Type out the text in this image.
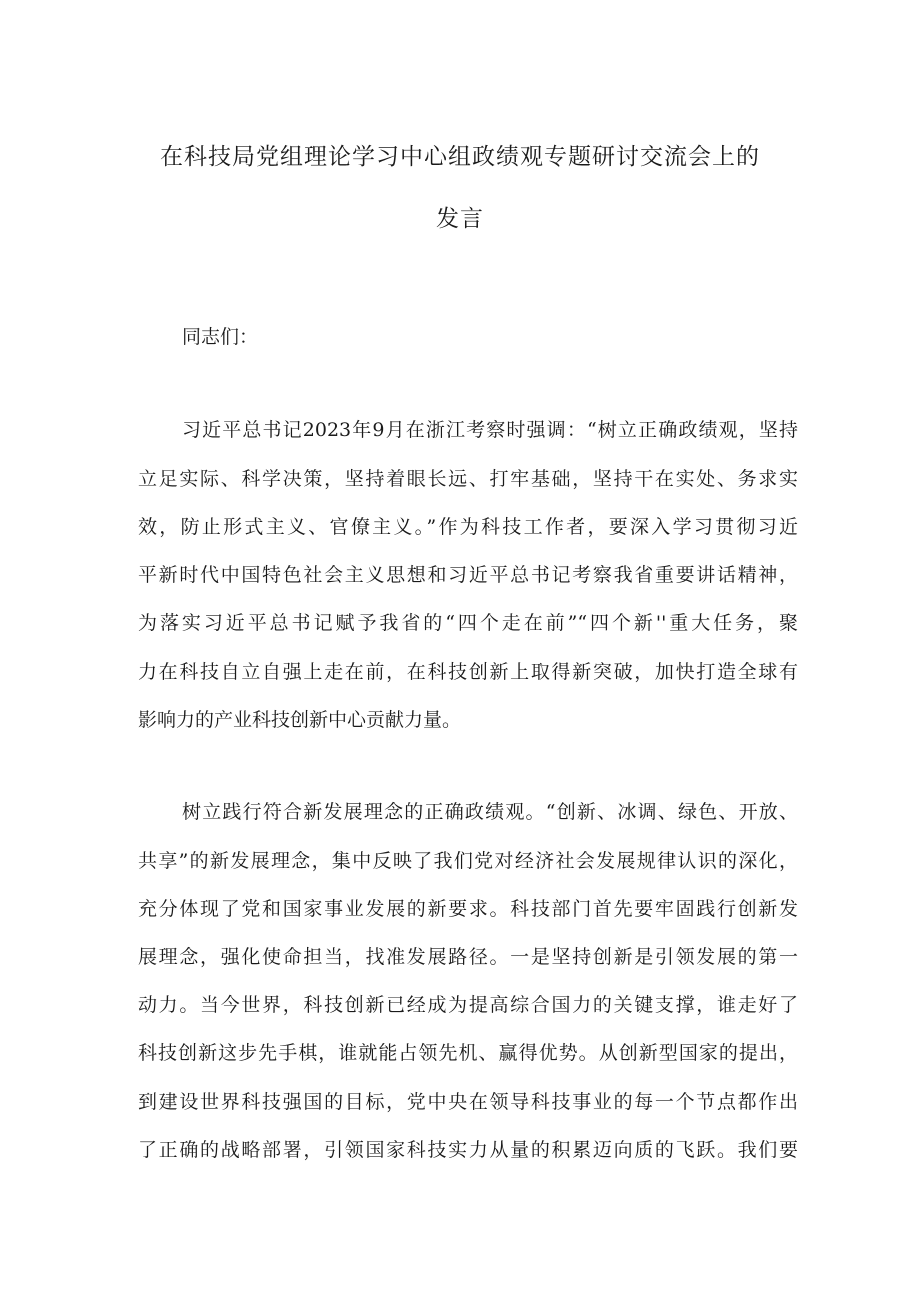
在科技局党组理论学习中心组政绩观专题研讨交流会上的
发言
同志们：
习近平总书记2023年9月在浙江考察时强调：“树立正确政绩观，坚持
立足实际、科学决策，坚持着眼长远、打牢基础，坚持干在实处、务求实
效，防止形式主义、官僚主义。”作为科技工作者，要深入学习贯彻习近
平新时代中国特色社会主义思想和习近平总书记考察我省重要讲话精神，
为落实习近平总书记赋予我省的“四个走在前”“四个新''重大任务，聚
力在科技自立自强上走在前，在科技创新上取得新突破，加快打造全球有
影响力的产业科技创新中心贡献力量。
树立践行符合新发展理念的正确政绩观。“创新、冰调、绿色、开放、
共享”的新发展理念，集中反映了我们党对经济社会发展规律认识的深化，
充分体现了党和国家事业发展的新要求。科技部门首先要牢固践行创新发
展理念，强化使命担当，找准发展路径。一是坚持创新是引领发展的第一
动力。当今世界，科技创新已经成为提高综合国力的关键支撑，谁走好了
科技创新这步先手棋，谁就能占领先机、赢得优势。从创新型国家的提出，
到建设世界科技强国的目标，党中央在领导科技事业的每一个节点都作出
了正确的战略部署，引领国家科技实力从量的积累迈向质的飞跃。我们要
